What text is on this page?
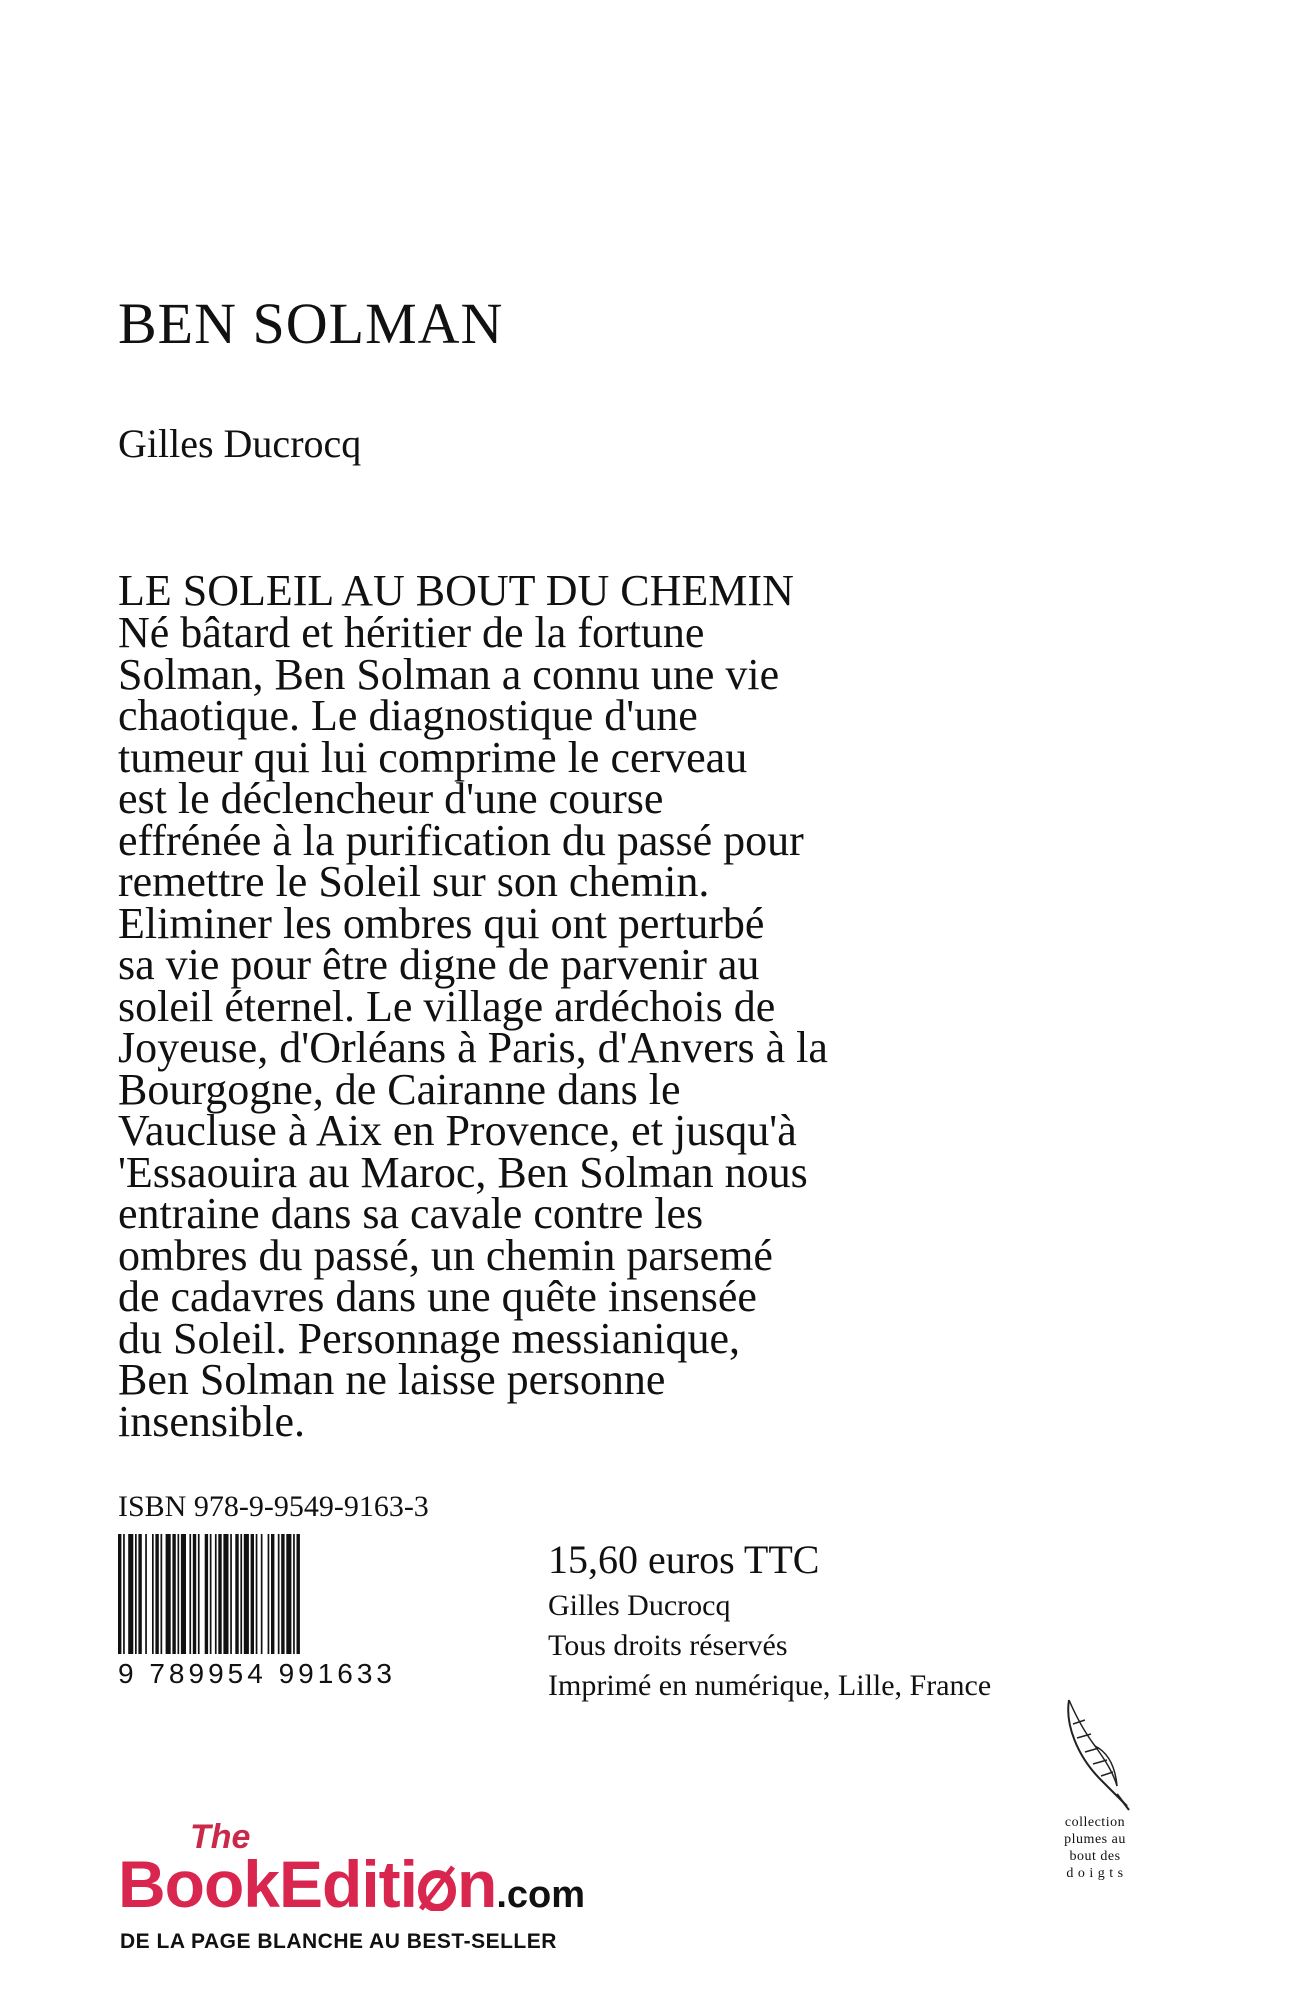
BEN SOLMAN
Gilles Ducrocq
LE SOLEIL AU BOUT DU CHEMIN
Né bâtard et héritier de la fortune
Solman, Ben Solman a connu une vie
chaotique. Le diagnostique d'une
tumeur qui lui comprime le cerveau
est le déclencheur d'une course
effrénée à la purification du passé pour
remettre le Soleil sur son chemin.
Eliminer les ombres qui ont perturbé
sa vie pour être digne de parvenir au
soleil éternel. Le village ardéchois de
Joyeuse, d'Orléans à Paris, d'Anvers à la
Bourgogne, de Cairanne dans le
Vaucluse à Aix en Provence, et jusqu'à
'Essaouira au Maroc, Ben Solman nous
entraine dans sa cavale contre les
ombres du passé, un chemin parsemé
de cadavres dans une quête insensée
du Soleil. Personnage messianique,
Ben Solman ne laisse personne
insensible.
ISBN 978-9-9549-9163-3
9 789954 991633
15,60 euros TTC
Gilles Ducrocq
Tous droits réservés
Imprimé en numérique, Lille, France
The
BookEditi n.com
DE LA PAGE BLANCHE AU BEST-SELLER
collection
plumes au
bout des
d o i g t s
